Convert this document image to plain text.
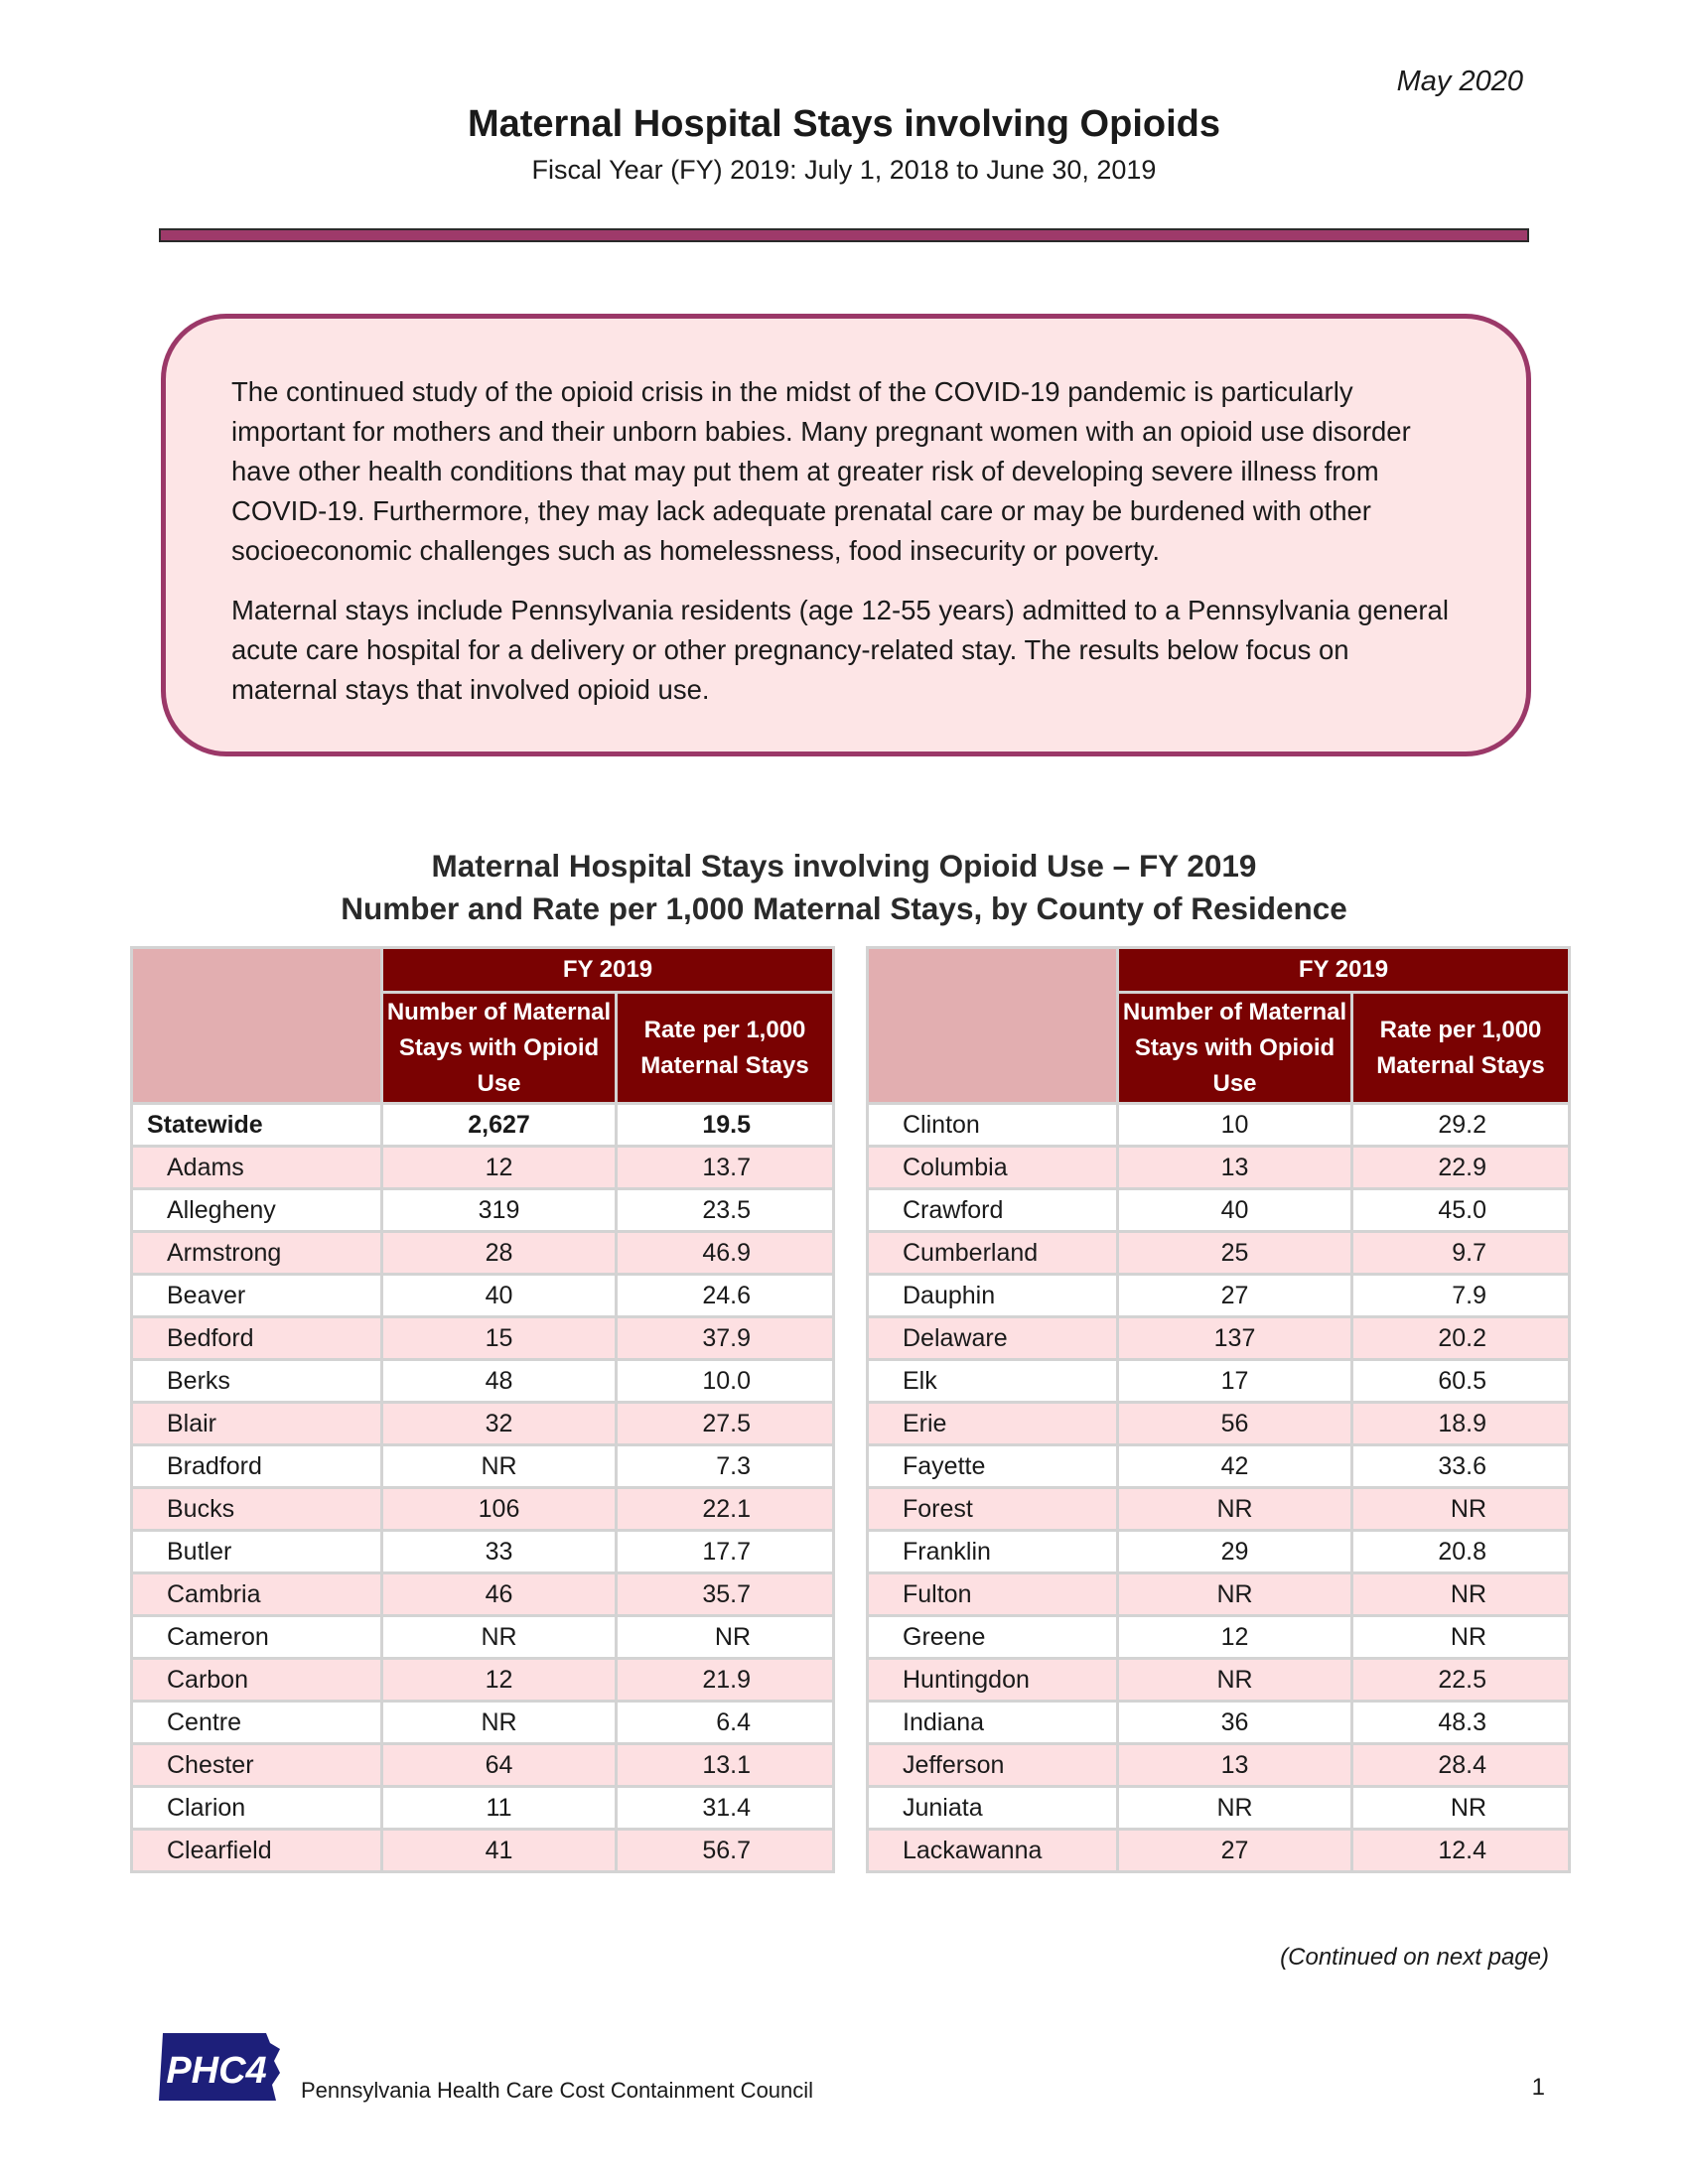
May 2020
Maternal Hospital Stays involving Opioids
Fiscal Year (FY) 2019: July 1, 2018 to June 30, 2019

The continued study of the opioid crisis in the midst of the COVID-19 pandemic is particularly important for mothers and their unborn babies. Many pregnant women with an opioid use disorder have other health conditions that may put them at greater risk of developing severe illness from COVID-19. Furthermore, they may lack adequate prenatal care or may be burdened with other socioeconomic challenges such as homelessness, food insecurity or poverty.

Maternal stays include Pennsylvania residents (age 12-55 years) admitted to a Pennsylvania general acute care hospital for a delivery or other pregnancy-related stay. The results below focus on maternal stays that involved opioid use.

Maternal Hospital Stays involving Opioid Use – FY 2019
Number and Rate per 1,000 Maternal Stays, by County of Residence
	FY 2019	
	Number of Maternal Stays with Opioid Use	Rate per 1,000 Maternal Stays
Statewide	2,627	19.5
Adams	12	13.7
Allegheny	319	23.5
Armstrong	28	46.9
Beaver	40	24.6
Bedford	15	37.9
Berks	48	10.0
Blair	32	27.5
Bradford	NR	7.3
Bucks	106	22.1
Butler	33	17.7
Cambria	46	35.7
Cameron	NR	NR
Carbon	12	21.9
Centre	NR	6.4
Chester	64	13.1
Clarion	11	31.4
Clearfield	41	56.7
	FY 2019	
	Number of Maternal Stays with Opioid Use	Rate per 1,000 Maternal Stays
Clinton	10	29.2
Columbia	13	22.9
Crawford	40	45.0
Cumberland	25	9.7
Dauphin	27	7.9
Delaware	137	20.2
Elk	17	60.5
Erie	56	18.9
Fayette	42	33.6
Forest	NR	NR
Franklin	29	20.8
Fulton	NR	NR
Greene	12	NR
Huntingdon	NR	22.5
Indiana	36	48.3
Jefferson	13	28.4
Juniata	NR	NR
Lackawanna	27	12.4
(Continued on next page)
PHC4 Pennsylvania Health Care Cost Containment Council	1
